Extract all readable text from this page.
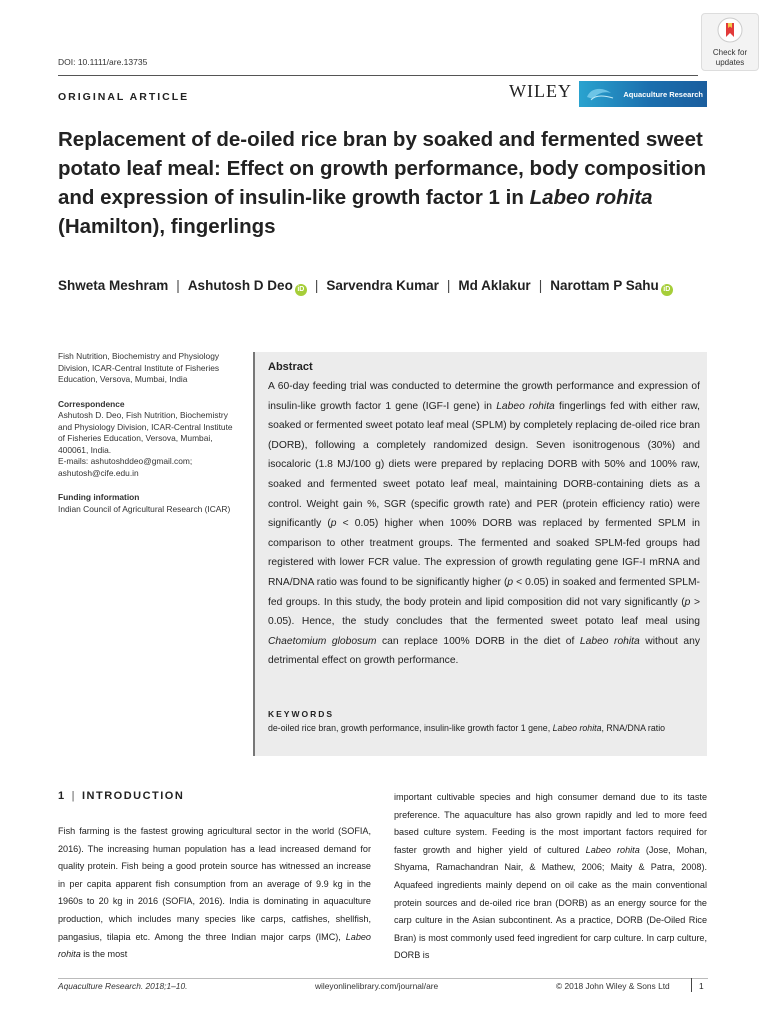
DOI: 10.1111/are.13735
ORIGINAL ARTICLE	WILEY	Aquaculture Research
Check for
updates
Replacement of de-oiled rice bran by soaked and fermented sweet potato leaf meal: Effect on growth performance, body composition and expression of insulin-like growth factor 1 in Labeo rohita (Hamilton), fingerlings
Shweta Meshram | Ashutosh D Deo iD | Sarvendra Kumar | Md Aklakur | Narottam P Sahu iD

Fish Nutrition, Biochemistry and Physiology Division, ICAR-Central Institute of Fisheries Education, Versova, Mumbai, India

Correspondence

Ashutosh D. Deo, Fish Nutrition, Biochemistry and Physiology Division, ICAR-Central Institute of Fisheries Education, Versova, Mumbai, 400061, India.

E-mails: ashutoshddeo@gmail.com; ashutosh@cife.edu.in

Funding information

Indian Council of Agricultural Research (ICAR)

Abstract
A 60-day feeding trial was conducted to determine the growth performance and expression of insulin-like growth factor 1 gene (IGF-I gene) in Labeo rohita fingerlings fed with either raw, soaked or fermented sweet potato leaf meal (SPLM) by completely replacing de-oiled rice bran (DORB), following a completely randomized design. Seven isonitrogenous (30%) and isocaloric (1.8 MJ/100 g) diets were prepared by replacing DORB with 50% and 100% raw, soaked and fermented sweet potato leaf meal, maintaining DORB-containing diets as a control. Weight gain %, SGR (specific growth rate) and PER (protein efficiency ratio) were significantly (p < 0.05) higher when 100% DORB was replaced by fermented SPLM in comparison to other treatment groups. The fermented and soaked SPLM-fed groups had registered with lower FCR value. The expression of growth regulating gene IGF-I mRNA and RNA/DNA ratio was found to be significantly higher (p < 0.05) in soaked and fermented SPLM-fed groups. In this study, the body protein and lipid composition did not vary significantly (p > 0.05). Hence, the study concludes that the fermented sweet potato leaf meal using Chaetomium globosum can replace 100% DORB in the diet of Labeo rohita without any detrimental effect on growth performance.
KEYWORDS
de-oiled rice bran, growth performance, insulin-like growth factor 1 gene, Labeo rohita, RNA/DNA ratio
1 | INTRODUCTION
Fish farming is the fastest growing agricultural sector in the world (SOFIA, 2016). The increasing human population has a lead increased demand for quality protein. Fish being a good protein source has witnessed an increase in per capita apparent fish consumption from an average of 9.9 kg in the 1960s to 20 kg in 2016 (SOFIA, 2016). India is dominating in aquaculture production, which includes many species like carps, catfishes, shellfish, pangasius, tilapia etc. Among the three Indian major carps (IMC), Labeo rohita is the most
important cultivable species and high consumer demand due to its taste preference. The aquaculture has also grown rapidly and led to more feed based culture system. Feeding is the most important factors required for faster growth and higher yield of cultured Labeo rohita (Jose, Mohan, Shyama, Ramachandran Nair, & Mathew, 2006; Maity & Patra, 2008). Aquafeed ingredients mainly depend on oil cake as the main conventional protein sources and de-oiled rice bran (DORB) as an energy source for the carp culture in the Asian subcontinent. As a practice, DORB (De-Oiled Rice Bran) is most commonly used feed ingredient for carp culture. In carp culture, DORB is
Aquaculture Research. 2018;1–10.	wileyonlinelibrary.com/journal/are	© 2018 John Wiley & Sons Ltd	1
